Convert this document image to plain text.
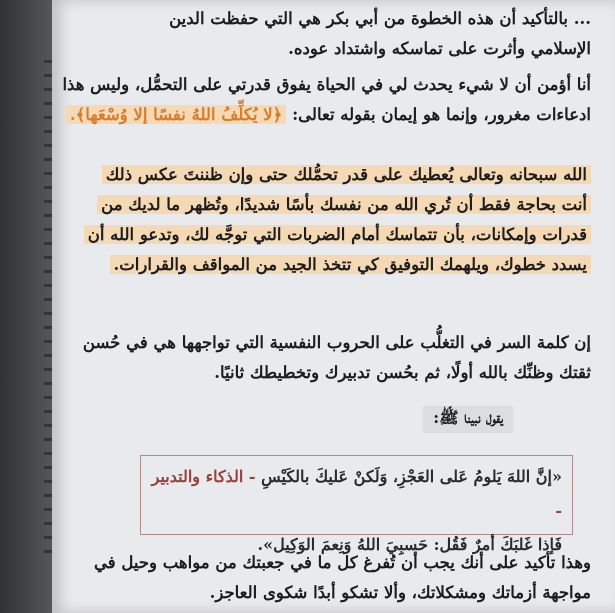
... بالتأكيد أن هذه الخطوة من أبي بكر هي التي حفظت الدين
الإسلامي وأثرت على تماسكه واشتداد عوده.
أنا أؤمن أن لا شيء يحدث لي في الحياة يفوق قدرتي على التحمُّل، وليس هذا
ادعاءات مغرور، وإنما هو إيمان بقوله تعالى: ﴿لا يُكلِّفُ اللهُ نفسًا إلا وُسْعَها﴾.
الله سبحانه وتعالى يُعطيك على قدر تحمُّلك حتى وإن ظننتَ عكس ذلك
أنت بحاجة فقط أن تُري الله من نفسك بأسًا شديدًا، وتُظهر ما لديك من
قدرات وإمكانات، بأن تتماسك أمام الضربات التي توجَّه لك، وتدعو الله أن
يسدد خطوك، ويلهمك التوفيق كي تتخذ الجيد من المواقف والقرارات.
إن كلمة السر في التغلُّب على الحروب النفسية التي تواجهها هي في حُسن
ثقتك وظنِّك بالله أولًا، ثم بحُسن تدبيرك وتخطيطك ثانيًا.
يقول نبينا ﷺ:
«إنَّ اللهَ يَلومُ عَلى العَجْزِ، وَلَكنْ عَليكَ بالكَيْسِ - الذكاء والتدبير -
فَإذا غَلبَكَ أمرٌ فَقُل: حَسبِيَ اللهُ وَنِعمَ الوَكِيل».
وهذا تأكيد على أنك يجب أن تُفرغ كل ما في جعبتك من مواهب وحيل في
مواجهة أزماتك ومشكلاتك، وألا تشكو أبدًا شكوى العاجز.
